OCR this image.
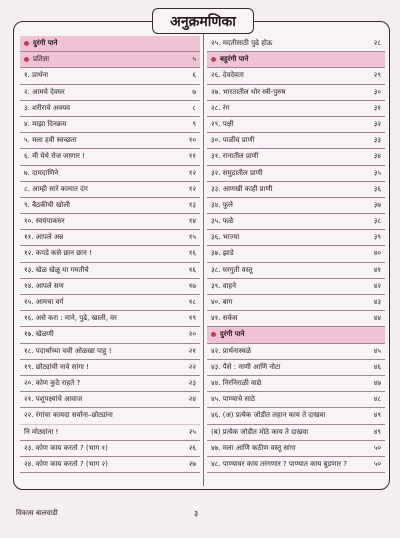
अनुक्रमणिका
दुरंगी पाने
प्रतिज्ञा	५
१. प्रार्थना	६
२. आमचे देवघर	७
३. शरीराचे अवयव	८
४. माझा दिनक्रम	९
५. मला हवी स्वच्छता	१०
६. मी येथे रोज जाणार !	११
७. दामदाणिने	१२
८. आम्ही सारे कामात दंग	१२
९. बैठकीची खोली	१३
१०. स्वयंपाकघर	१४
११. आपले अन्न	१५
१२. कपडे कसे छान छान !	१६
१३. खेळ खेळू या गमतीचे	१६
१४. आपले सण	१७
१५. आमचा वर्ग	१८
१६. असे करा : माने, पुढे, खाली, वर	१९
१७. खेळणी	२०
१८. पदार्थांच्या चवी ओळखा पाहू !	२१
१९. छोट्यांची नावे सांगा !	२२
२०. कोण कुठे राहते ?	२३
२१. पशुपक्ष्यांचे आवाज	२४
२२. रंगांचा कायदा सर्वांना–छोट्यांना
नि मोठ्यांना !	२५
२३. कोण काय करतो ? (भाग १)	२६
२४. कोण काय करतो ? (भाग २)	२७
२५. मदतीसाठी पुढे होऊ	२८
बहुरंगी पाने
२६. देवदेवता	२९
२७. भारतातील थोर स्त्री-पुरुष	३०
२८. रंग	३१
२९. पक्षी	३२
३०. पाळीव प्राणी	३३
३१. रानातील प्राणी	३४
३२. समुद्रातील प्राणी	३५
३३. आणखी काही प्राणी	३६
३४. फुले	३७
३५. फळे	३८
३६. भाज्या	३९
३७. झाडे	४०
३८. घरगुती वस्तू	४१
३९. वाहने	४२
४०. बाग	४३
४१. सर्कस	४४
दुरंगी पाने
४२. प्रार्थनास्थळे	४५
४३. पैसे : नाणी आणि नोटा	४६
४४. निरनिराळी वाद्ये	४७
४५. पाण्याचे साठे	४८
४६. (अ) प्रत्येक जोडीत लहान काय ते दाखवा	४९
(ब) प्रत्येक जोडीत मोठे काय ते दाखवा	४९
४७. मला आणि कठीण वस्तू सांगा	५०
४८. पाण्यावर काय तरंगणार ? पाण्यात काय बुडणार ?	५०
विकास बालवाडी	३
